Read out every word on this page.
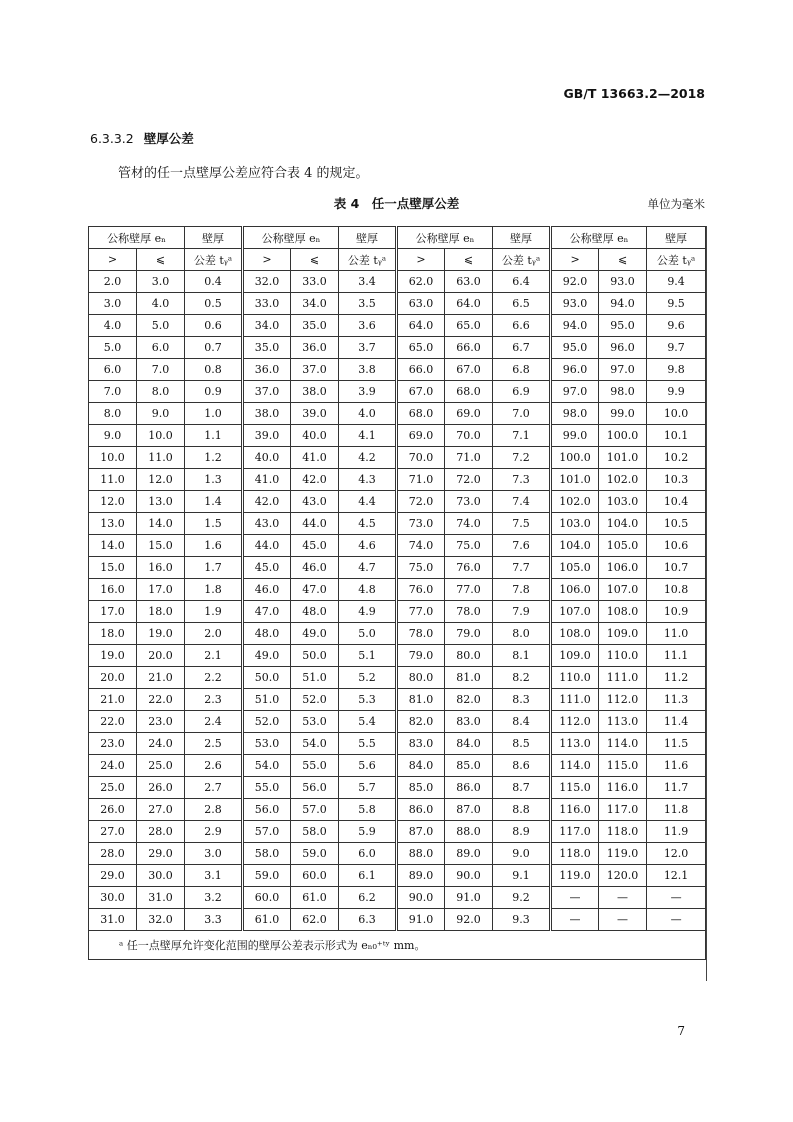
GB/T 13663.2—2018
6.3.3.2 壁厚公差
管材的任一点壁厚公差应符合表 4 的规定。
表 4　任一点壁厚公差	单位为毫米
公称壁厚 eₙ		壁厚	公称壁厚 eₙ		壁厚	公称壁厚 eₙ		壁厚	公称壁厚 eₙ		壁厚
>	⩽	公差 tᵧᵃ	>	⩽	公差 tᵧᵃ	>	⩽	公差 tᵧᵃ	>	⩽	公差 tᵧᵃ
2.0	3.0	0.4	32.0	33.0	3.4	62.0	63.0	6.4	92.0	93.0	9.4
3.0	4.0	0.5	33.0	34.0	3.5	63.0	64.0	6.5	93.0	94.0	9.5
4.0	5.0	0.6	34.0	35.0	3.6	64.0	65.0	6.6	94.0	95.0	9.6
5.0	6.0	0.7	35.0	36.0	3.7	65.0	66.0	6.7	95.0	96.0	9.7
6.0	7.0	0.8	36.0	37.0	3.8	66.0	67.0	6.8	96.0	97.0	9.8
7.0	8.0	0.9	37.0	38.0	3.9	67.0	68.0	6.9	97.0	98.0	9.9
8.0	9.0	1.0	38.0	39.0	4.0	68.0	69.0	7.0	98.0	99.0	10.0
9.0	10.0	1.1	39.0	40.0	4.1	69.0	70.0	7.1	99.0	100.0	10.1
10.0	11.0	1.2	40.0	41.0	4.2	70.0	71.0	7.2	100.0	101.0	10.2
11.0	12.0	1.3	41.0	42.0	4.3	71.0	72.0	7.3	101.0	102.0	10.3
12.0	13.0	1.4	42.0	43.0	4.4	72.0	73.0	7.4	102.0	103.0	10.4
13.0	14.0	1.5	43.0	44.0	4.5	73.0	74.0	7.5	103.0	104.0	10.5
14.0	15.0	1.6	44.0	45.0	4.6	74.0	75.0	7.6	104.0	105.0	10.6
15.0	16.0	1.7	45.0	46.0	4.7	75.0	76.0	7.7	105.0	106.0	10.7
16.0	17.0	1.8	46.0	47.0	4.8	76.0	77.0	7.8	106.0	107.0	10.8
17.0	18.0	1.9	47.0	48.0	4.9	77.0	78.0	7.9	107.0	108.0	10.9
18.0	19.0	2.0	48.0	49.0	5.0	78.0	79.0	8.0	108.0	109.0	11.0
19.0	20.0	2.1	49.0	50.0	5.1	79.0	80.0	8.1	109.0	110.0	11.1
20.0	21.0	2.2	50.0	51.0	5.2	80.0	81.0	8.2	110.0	111.0	11.2
21.0	22.0	2.3	51.0	52.0	5.3	81.0	82.0	8.3	111.0	112.0	11.3
22.0	23.0	2.4	52.0	53.0	5.4	82.0	83.0	8.4	112.0	113.0	11.4
23.0	24.0	2.5	53.0	54.0	5.5	83.0	84.0	8.5	113.0	114.0	11.5
24.0	25.0	2.6	54.0	55.0	5.6	84.0	85.0	8.6	114.0	115.0	11.6
25.0	26.0	2.7	55.0	56.0	5.7	85.0	86.0	8.7	115.0	116.0	11.7
26.0	27.0	2.8	56.0	57.0	5.8	86.0	87.0	8.8	116.0	117.0	11.8
27.0	28.0	2.9	57.0	58.0	5.9	87.0	88.0	8.9	117.0	118.0	11.9
28.0	29.0	3.0	58.0	59.0	6.0	88.0	89.0	9.0	118.0	119.0	12.0
29.0	30.0	3.1	59.0	60.0	6.1	89.0	90.0	9.1	119.0	120.0	12.1
30.0	31.0	3.2	60.0	61.0	6.2	90.0	91.0	9.2	—	—	—
31.0	32.0	3.3	61.0	62.0	6.3	91.0	92.0	9.3	—	—	—
ᵃ 任一点壁厚允许变化范围的壁厚公差表示形式为 eₙ₀⁺ᵗʸ mm。											
7
